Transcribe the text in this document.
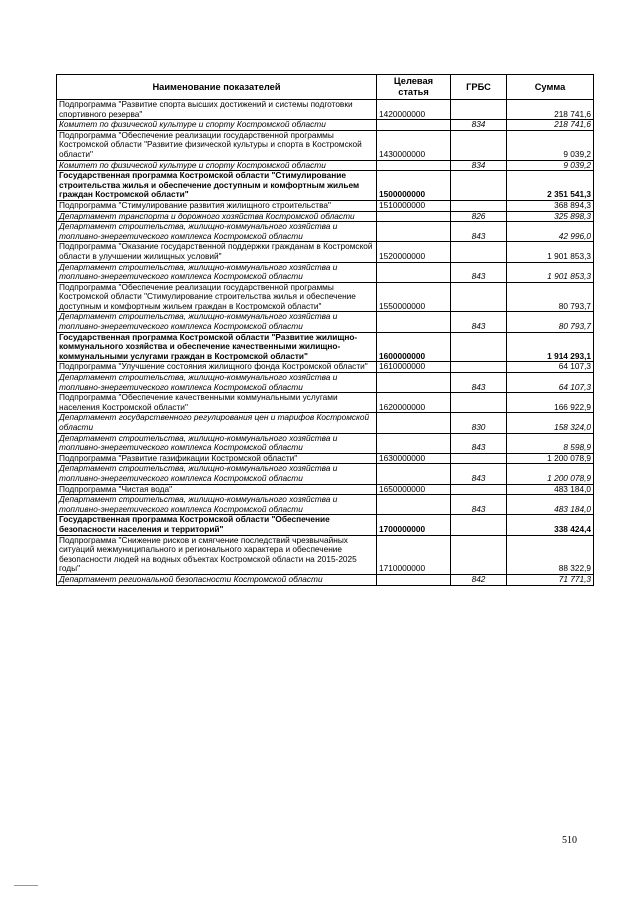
Наименование показателей	Целевая статья	ГРБС	Сумма
Подпрограмма "Развитие спорта высших достижений и системы подготовки спортивного резерва"	1420000000		218 741,6
Комитет по физической культуре и спорту Костромской области		834	218 741,6
Подпрограмма "Обеспечение реализации государственной программы Костромской области "Развитие физической культуры и спорта в Костромской области"	1430000000		9 039,2
Комитет по физической культуре и спорту Костромской области		834	9 039,2
Государственная программа Костромской области "Стимулирование строительства жилья и обеспечение доступным и комфортным жильем граждан Костромской области"	1500000000		2 351 541,3
Подпрограмма "Стимулирование развития жилищного строительства"	1510000000		368 894,3
Департамент транспорта и дорожного хозяйства Костромской области		826	325 898,3
Департамент строительства, жилищно-коммунального хозяйства и топливно-энергетического комплекса Костромской области		843	42 996,0
Подпрограмма "Оказание государственной поддержки гражданам в Костромской области в улучшении жилищных условий"	1520000000		1 901 853,3
Департамент строительства, жилищно-коммунального хозяйства и топливно-энергетического комплекса Костромской области		843	1 901 853,3
Подпрограмма "Обеспечение реализации государственной программы Костромской области "Стимулирование строительства жилья и обеспечение доступным и комфортным жильем граждан в Костромской области"	1550000000		80 793,7
Департамент строительства, жилищно-коммунального хозяйства и топливно-энергетического комплекса Костромской области		843	80 793,7
Государственная программа Костромской области "Развитие жилищно-коммунального хозяйства и обеспечение качественными жилищно-коммунальными услугами граждан в Костромской области"	1600000000		1 914 293,1
Подпрограмма "Улучшение состояния жилищного фонда Костромской области"	1610000000		64 107,3
Департамент строительства, жилищно-коммунального хозяйства и топливно-энергетического комплекса Костромской области		843	64 107,3
Подпрограмма "Обеспечение качественными коммунальными услугами населения Костромской области"	1620000000		166 922,9
Департамент государственного регулирования цен и тарифов Костромской области		830	158 324,0
Департамент строительства, жилищно-коммунального хозяйства и топливно-энергетического комплекса Костромской области		843	8 598,9
Подпрограмма "Развитие газификации Костромской области"	1630000000		1 200 078,9
Департамент строительства, жилищно-коммунального хозяйства и топливно-энергетического комплекса Костромской области		843	1 200 078,9
Подпрограмма "Чистая вода"	1650000000		483 184,0
Департамент строительства, жилищно-коммунального хозяйства и топливно-энергетического комплекса Костромской области		843	483 184,0
Государственная программа Костромской области "Обеспечение безопасности населения и территорий"	1700000000		338 424,4
Подпрограмма "Снижение рисков и смягчение последствий чрезвычайных ситуаций межмуниципального и регионального характера и обеспечение безопасности людей на водных объектах Костромской области на 2015-2025 годы"	1710000000		88 322,9
Департамент региональной безопасности Костромской области		842	71 771,3
510
